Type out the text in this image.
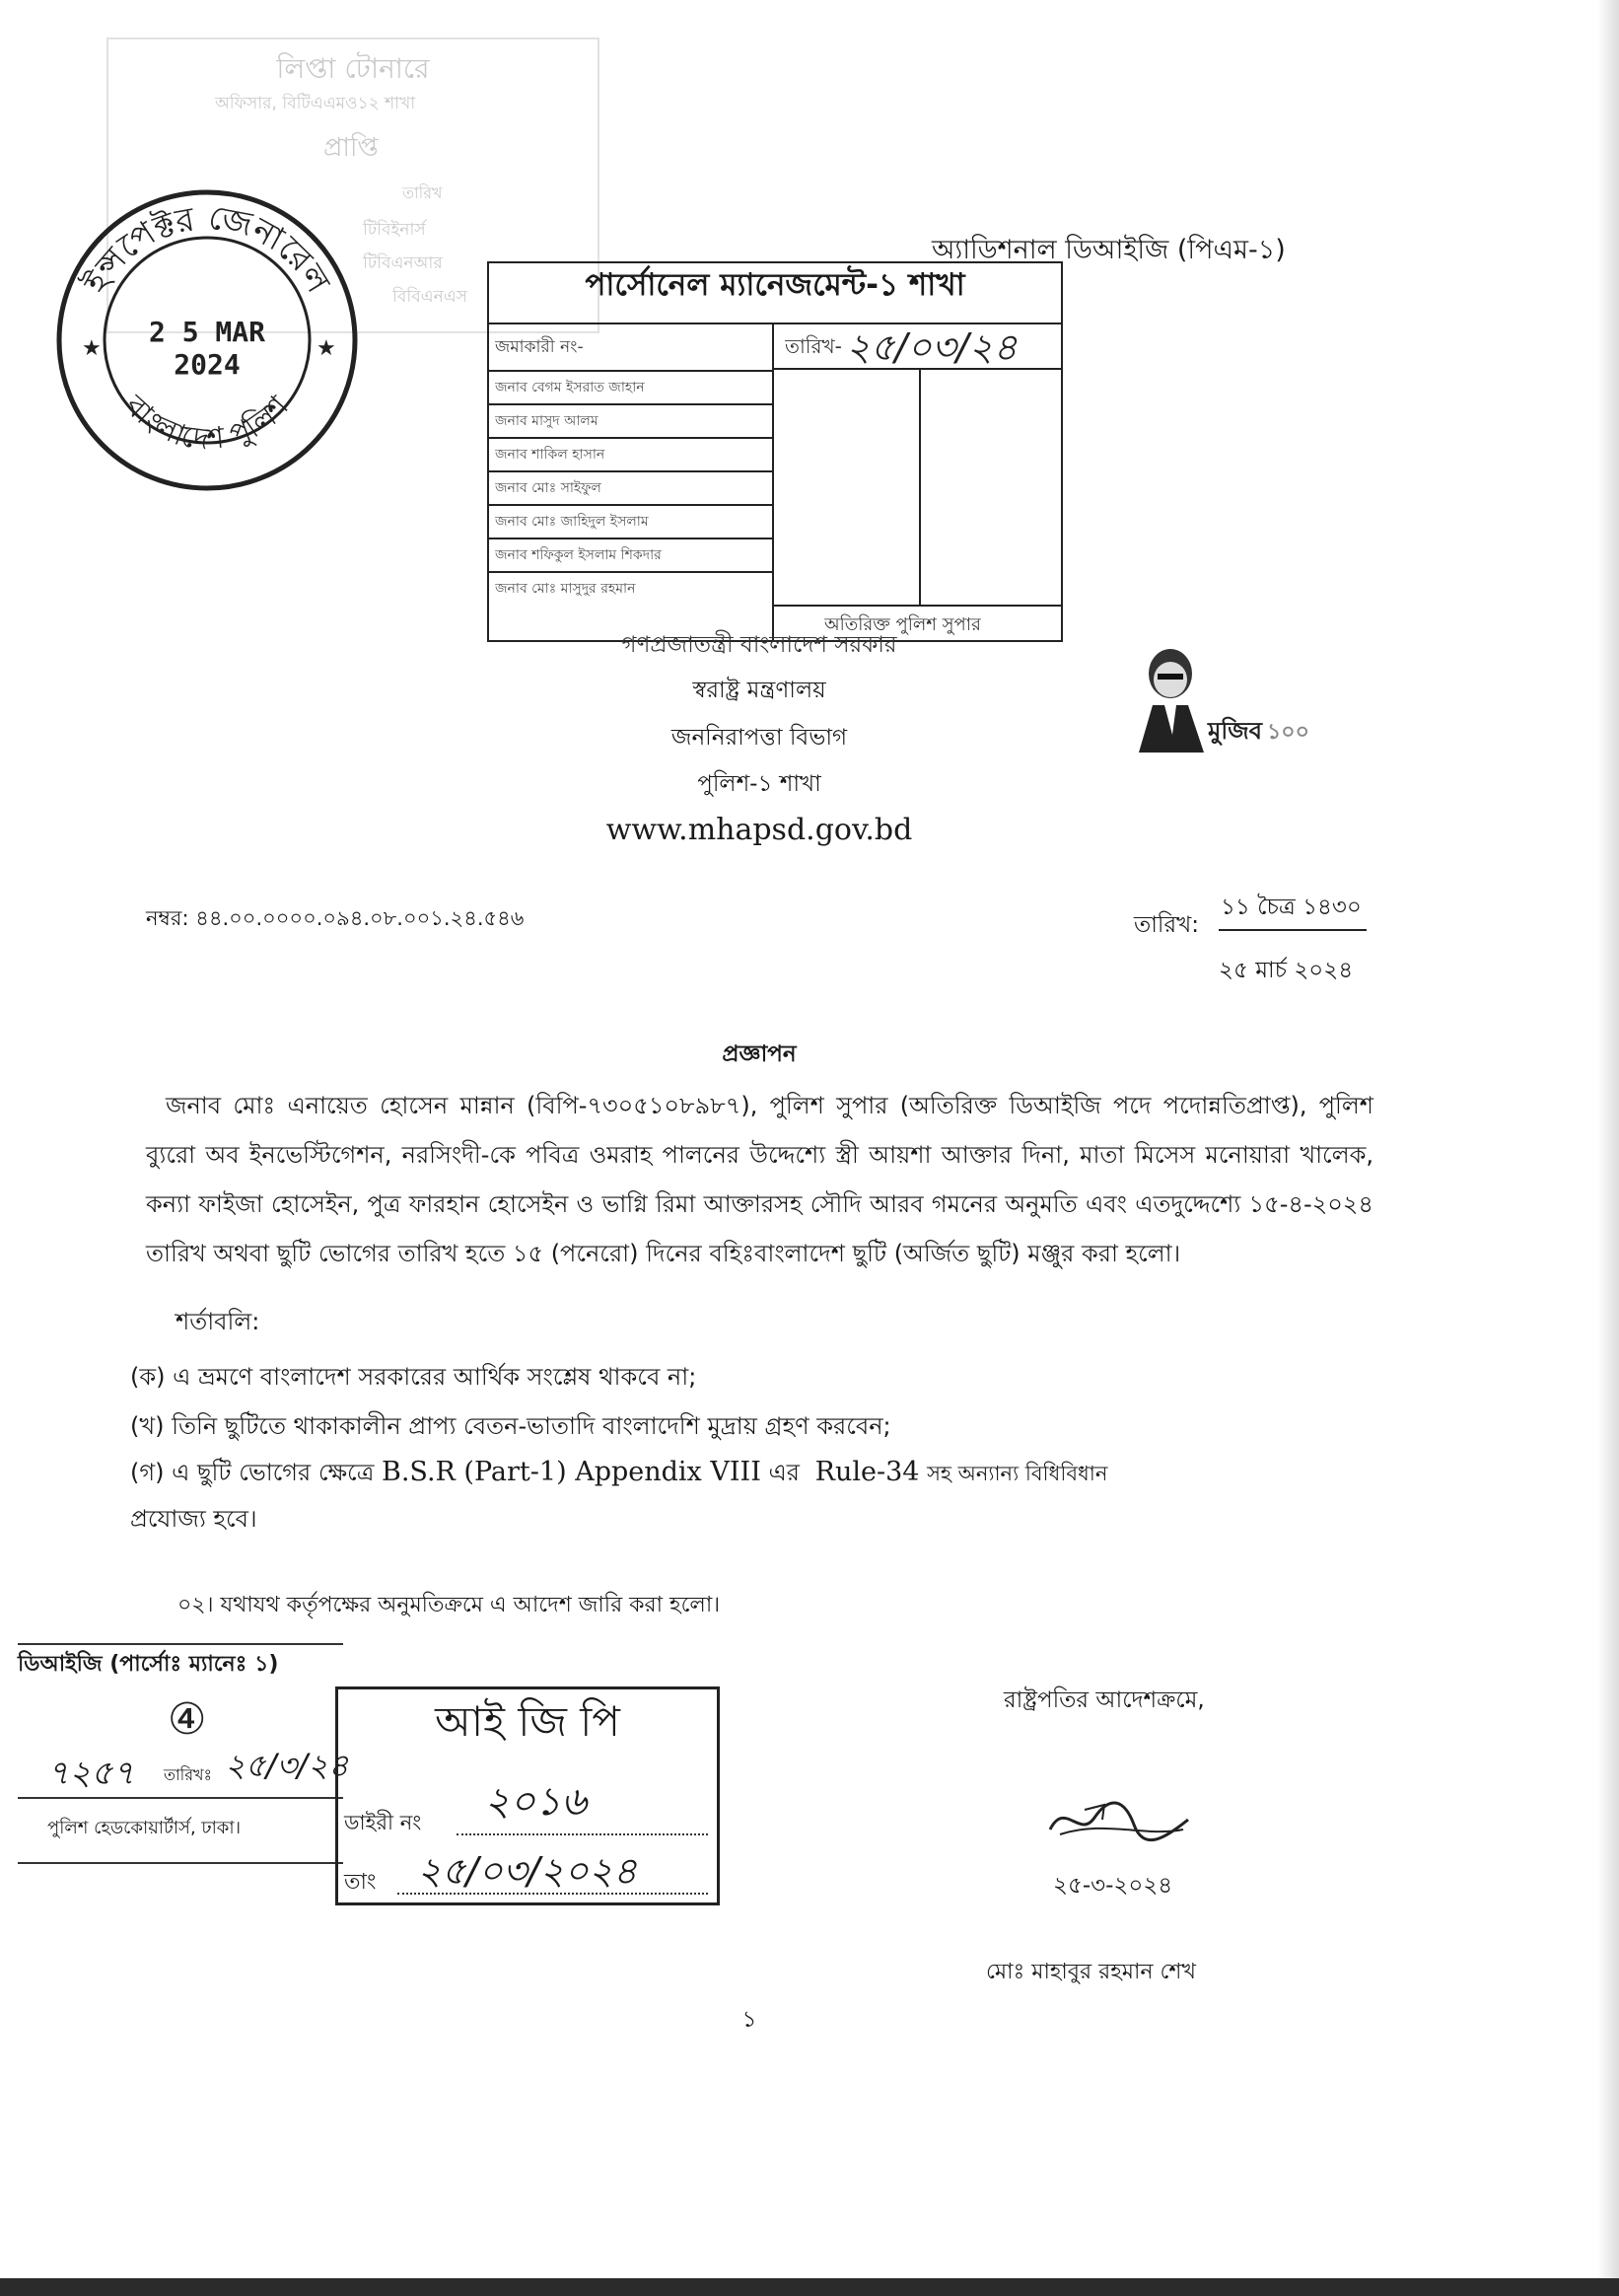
লিপ্তা টোনারে
অফিসার, বিটিএএমও১২ শাখা
প্রাপ্তি
তারিখ
টিবিইনার্স
টিবিএনআর
বিবিএনএস
ইন্সপেক্টর জেনারেল
বাংলাদেশ পুলিশ
★	★
2 5 MAR 2024
অ্যাডিশনাল ডিআইজি (পিএম-১)
পার্সোনেল ম্যানেজমেন্ট-১ শাখা
জমাকারী নং-	তারিখ- ২৫/০৩/২৪
জনাব বেগম ইসরাত জাহান
জনাব মাসুদ আলম
জনাব শাকিল হাসান
জনাব মোঃ সাইফুল
জনাব মোঃ জাহিদুল ইসলাম
জনাব শফিকুল ইসলাম শিকদার
জনাব মোঃ মাসুদুর রহমান
অতিরিক্ত পুলিশ সুপার
গণপ্রজাতন্ত্রী বাংলাদেশ সরকার
স্বরাষ্ট্র মন্ত্রণালয়
জননিরাপত্তা বিভাগ
পুলিশ-১ শাখা
www.mhapsd.gov.bd
মুজিব ১০০
নম্বর: ৪৪.০০.০০০০.০৯৪.০৮.০০১.২৪.৫৪৬	তারিখ:
১১ চৈত্র ১৪৩০
২৫ মার্চ ২০২৪
প্রজ্ঞাপন
জনাব মোঃ এনায়েত হোসেন মান্নান (বিপি-৭৩০৫১০৮৯৮৭), পুলিশ সুপার (অতিরিক্ত ডিআইজি পদে পদোন্নতিপ্রাপ্ত), পুলিশ ব্যুরো অব ইনভেস্টিগেশন, নরসিংদী-কে পবিত্র ওমরাহ পালনের উদ্দেশ্যে স্ত্রী আয়শা আক্তার দিনা, মাতা মিসেস মনোয়ারা খালেক, কন্যা ফাইজা হোসেইন, পুত্র ফারহান হোসেইন ও ভাগ্নি রিমা আক্তারসহ সৌদি আরব গমনের অনুমতি এবং এতদুদ্দেশ্যে ১৫-৪-২০২৪ তারিখ অথবা ছুটি ভোগের তারিখ হতে ১৫ (পনেরো) দিনের বহিঃবাংলাদেশ ছুটি (অর্জিত ছুটি) মঞ্জুর করা হলো।
শর্তাবলি:
(ক) এ ভ্রমণে বাংলাদেশ সরকারের আর্থিক সংশ্লেষ থাকবে না;
(খ) তিনি ছুটিতে থাকাকালীন প্রাপ্য বেতন-ভাতাদি বাংলাদেশি মুদ্রায় গ্রহণ করবেন;
(গ) এ ছুটি ভোগের ক্ষেত্রে B.S.R (Part-1) Appendix VIII এর Rule-34 সহ অন্যান্য বিধিবিধান
প্রযোজ্য হবে।
০২। যথাযথ কর্তৃপক্ষের অনুমতিক্রমে এ আদেশ জারি করা হলো।
ডিআইজি (পার্সোঃ ম্যানেঃ ১)
④
৭২৫৭ তারিখঃ ২৫/৩/২৪
পুলিশ হেডকোয়ার্টার্স, ঢাকা।
আই জি পি
ডাইরী নং ২০১৬
তাং ২৫/০৩/২০২৪
রাষ্ট্রপতির আদেশক্রমে,
২৫-৩-২০২৪
মোঃ মাহাবুর রহমান শেখ
১
